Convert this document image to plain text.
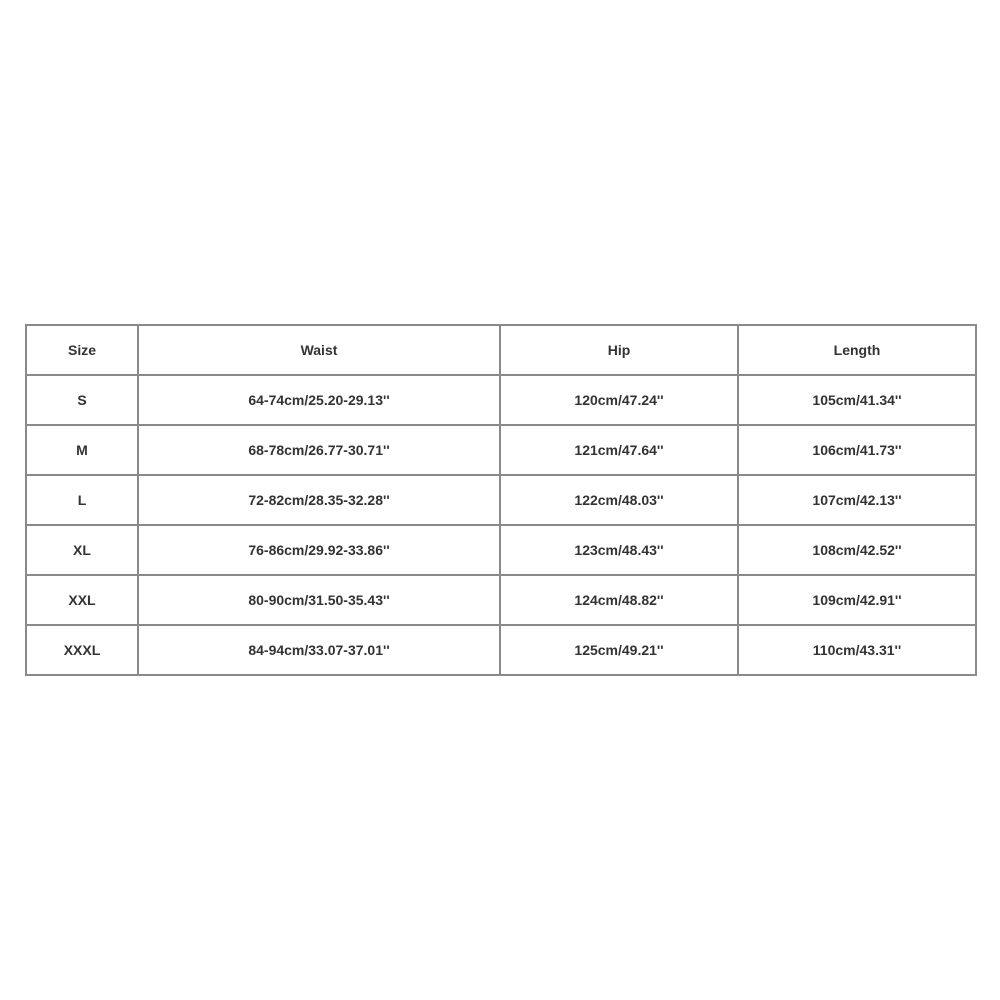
Size	Waist	Hip	Length
S	64-74cm/25.20-29.13''	120cm/47.24''	105cm/41.34''
M	68-78cm/26.77-30.71''	121cm/47.64''	106cm/41.73''
L	72-82cm/28.35-32.28''	122cm/48.03''	107cm/42.13''
XL	76-86cm/29.92-33.86''	123cm/48.43''	108cm/42.52''
XXL	80-90cm/31.50-35.43''	124cm/48.82''	109cm/42.91''
XXXL	84-94cm/33.07-37.01''	125cm/49.21''	110cm/43.31''
